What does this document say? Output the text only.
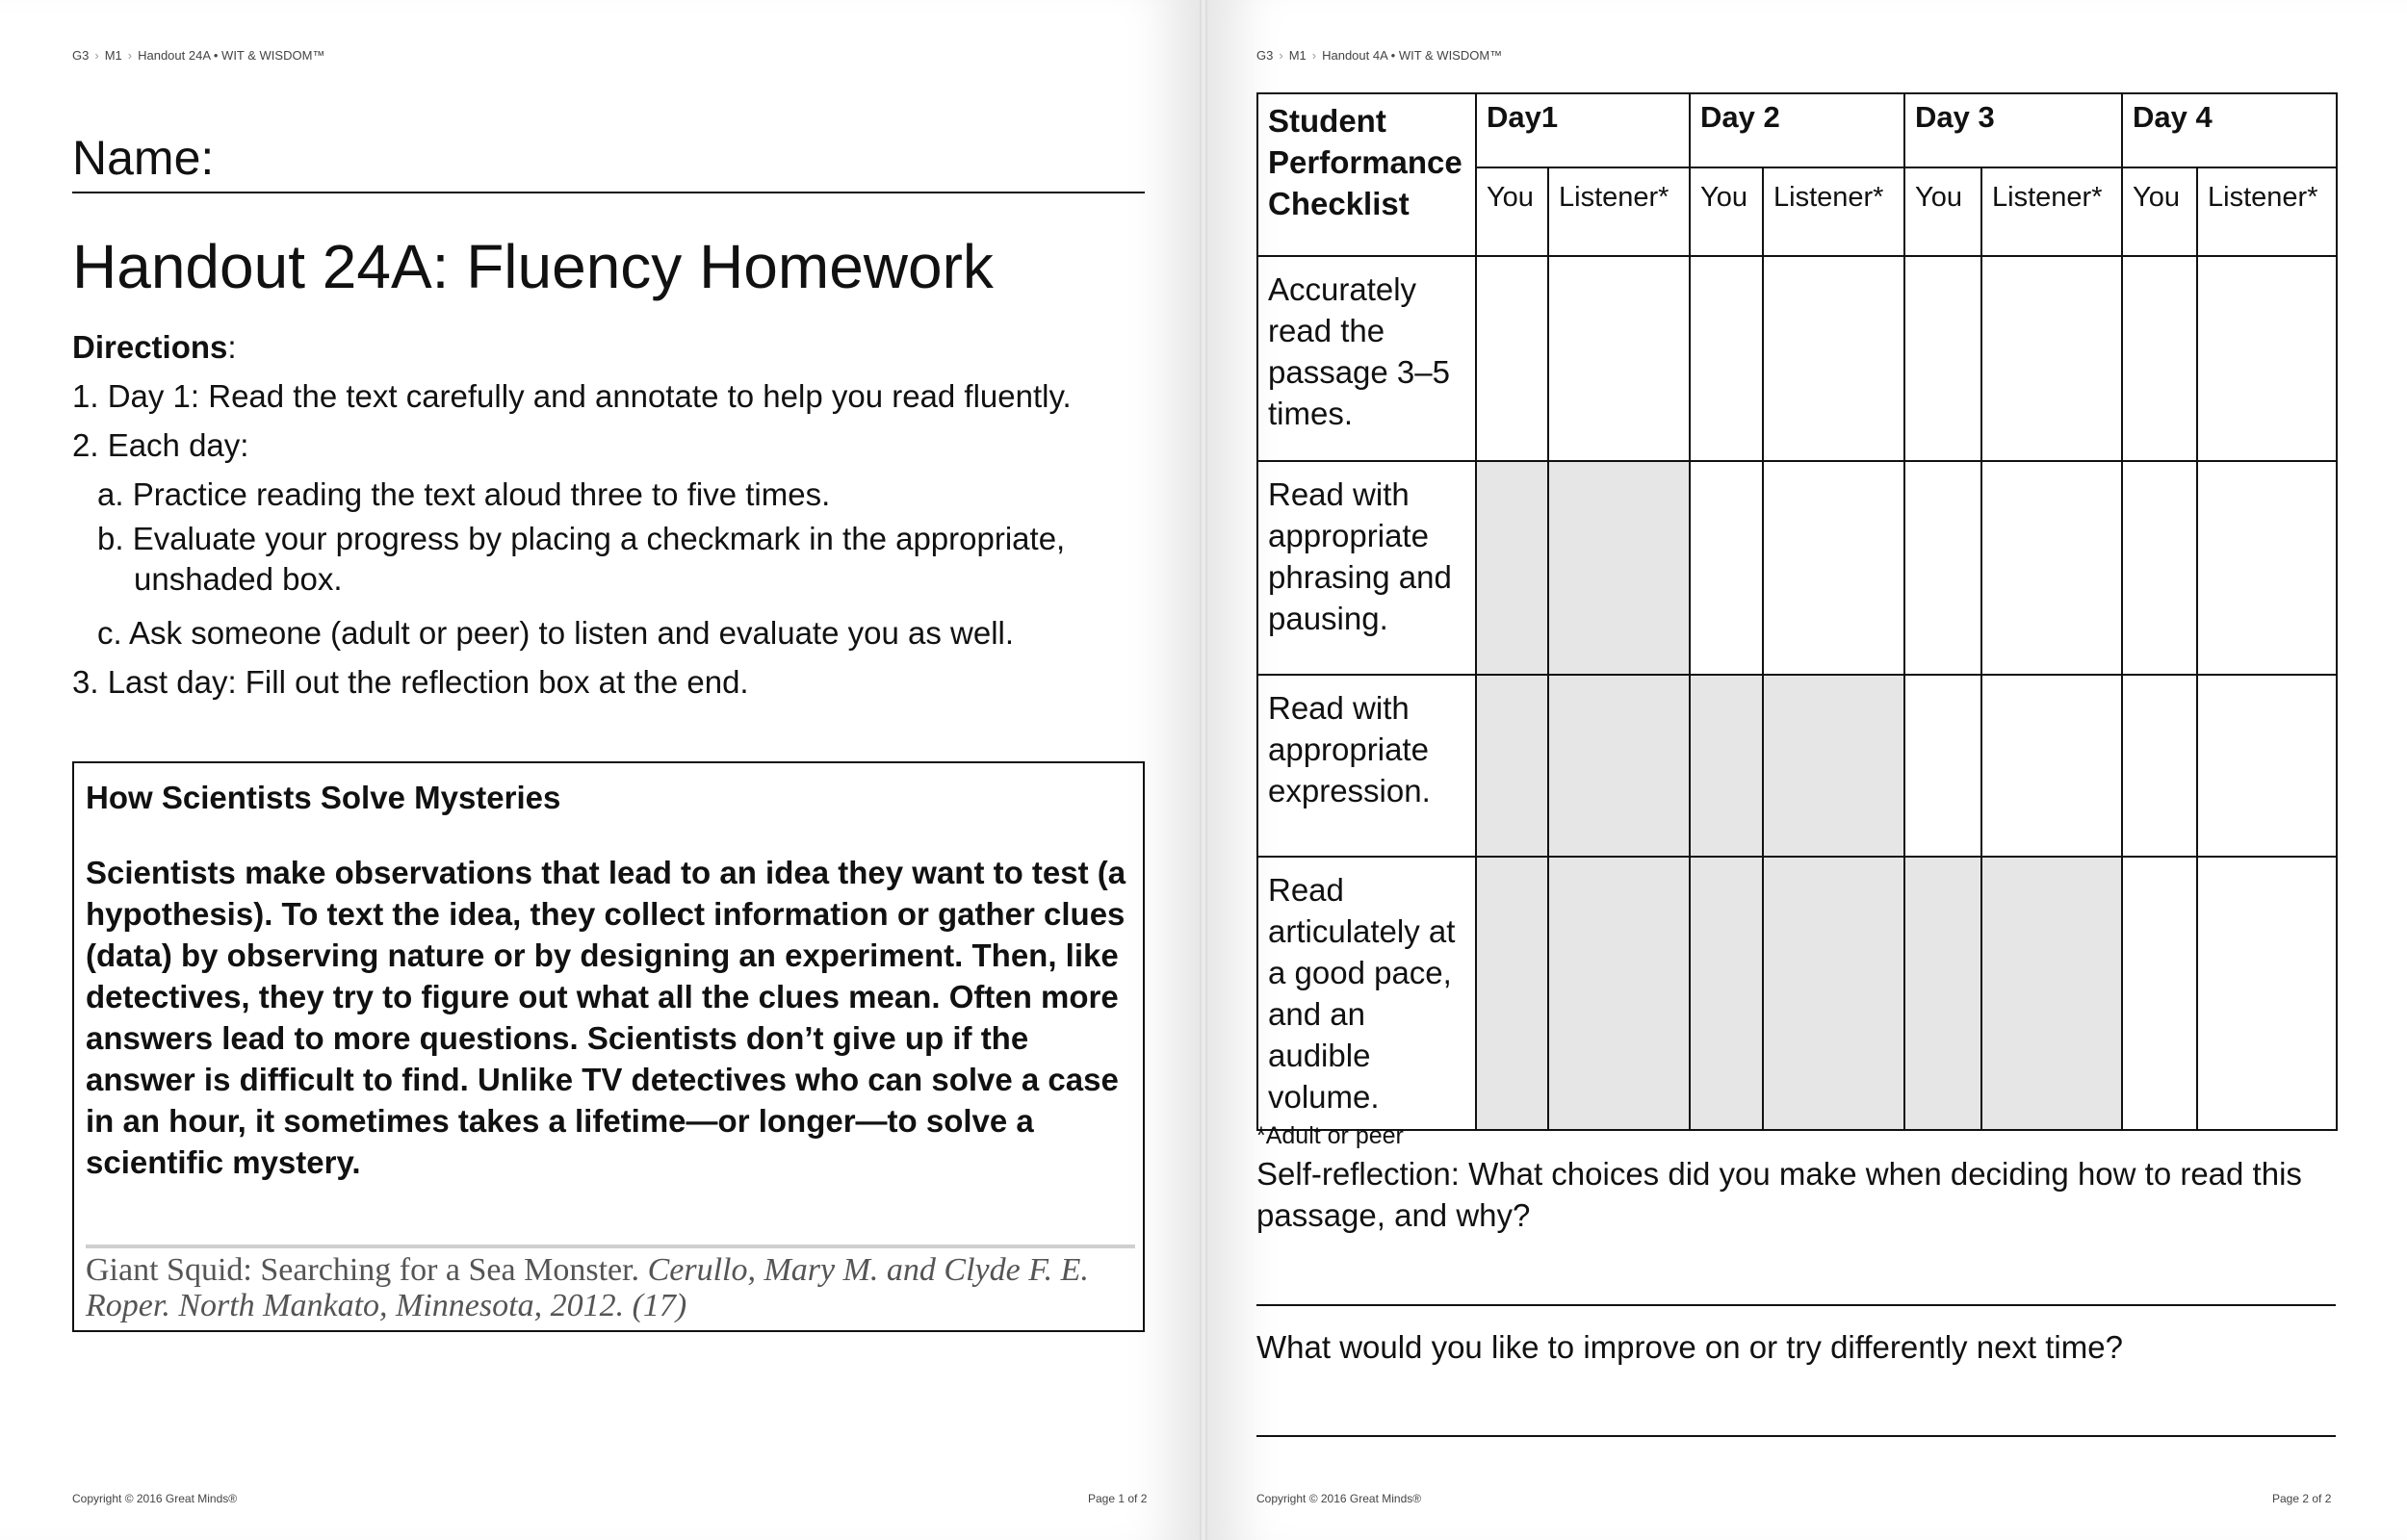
G3 › M1 › Handout 24A • WIT & WISDOM™
Name:
Handout 24A: Fluency Homework
Directions:
1. Day 1: Read the text carefully and annotate to help you read fluently.
2. Each day:
a. Practice reading the text aloud three to five times.
b. Evaluate your progress by placing a checkmark in the appropriate,
unshaded box.
c. Ask someone (adult or peer) to listen and evaluate you as well.
3. Last day: Fill out the reflection box at the end.
How Scientists Solve Mysteries
Scientists make observations that lead to an idea they want to test (a hypothesis). To text the idea, they collect information or gather clues (data) by observing nature or by designing an experiment. Then, like detectives, they try to figure out what all the clues mean. Often more answers lead to more questions. Scientists don’t give up if the answer is difficult to find. Unlike TV detectives who can solve a case in an hour, it sometimes takes a lifetime—or longer—to solve a scientific mystery.
Giant Squid: Searching for a Sea Monster. Cerullo, Mary M. and Clyde F. E. Roper. North Mankato, Minnesota, 2012. (17)
Copyright © 2016 Great Minds®	Page 1 of 2
G3 › M1 › Handout 4A • WIT & WISDOM™
Student Performance Checklist	Day1		Day 2		Day 3		Day 4	
	You	Listener*	You	Listener*	You	Listener*	You	Listener*
Accurately read the passage 3–5 times.								
Read with appropriate phrasing and pausing.								
Read with appropriate expression.								
Read articulately at a good pace, and an audible volume.								
*Adult or peer
Self-reflection: What choices did you make when deciding how to read this passage, and why?
What would you like to improve on or try differently next time?
Copyright © 2016 Great Minds®	Page 2 of 2
